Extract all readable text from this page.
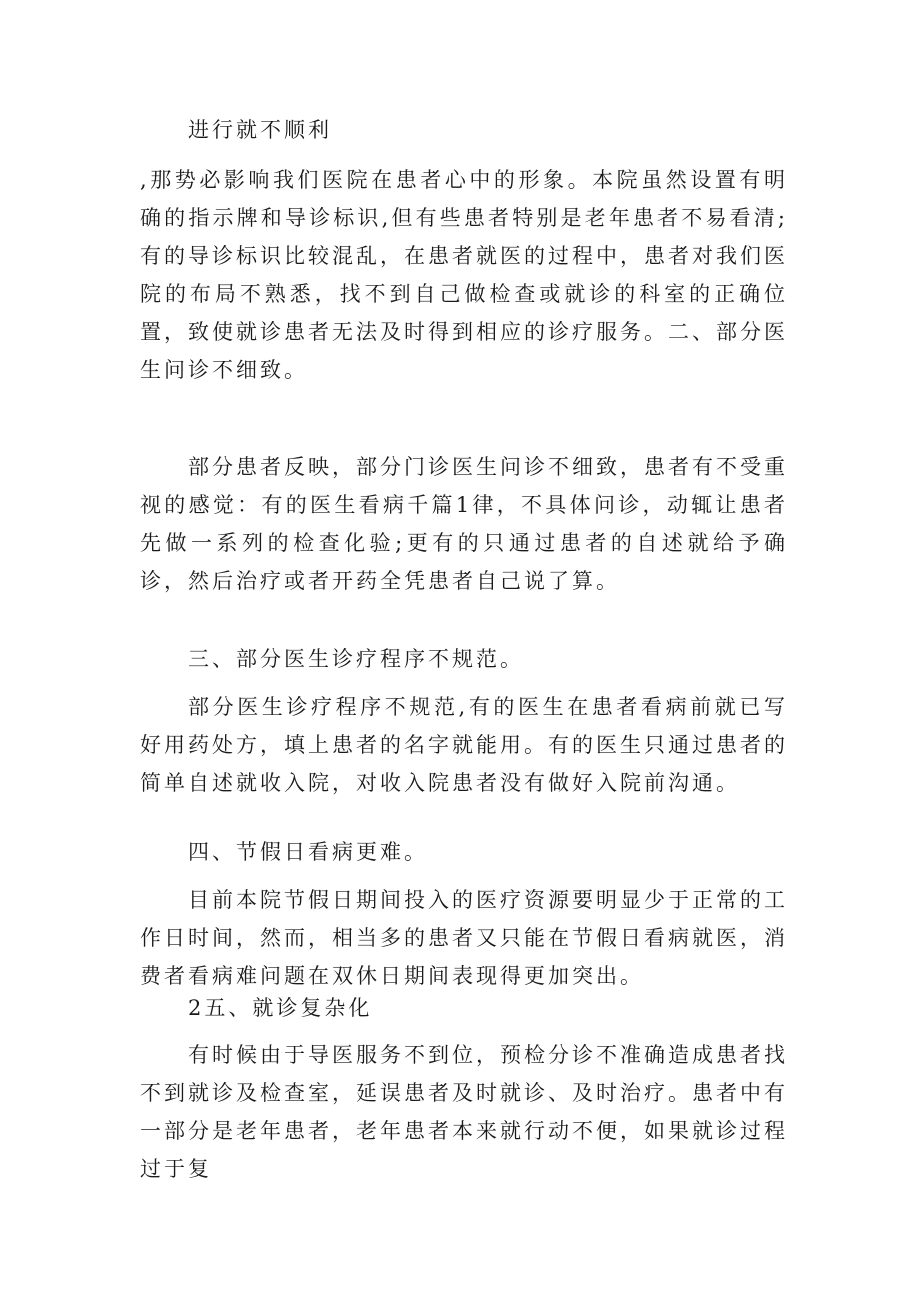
进行就不顺利

,那势必影响我们医院在患者心中的形象。本院虽然设置有明确的指示牌和导诊标识,但有些患者特别是老年患者不易看清;有的导诊标识比较混乱，在患者就医的过程中，患者对我们医院的布局不熟悉，找不到自己做检查或就诊的科室的正确位置，致使就诊患者无法及时得到相应的诊疗服务。二、部分医生问诊不细致。

部分患者反映，部分门诊医生问诊不细致，患者有不受重视的感觉：有的医生看病千篇1律，不具体问诊，动辄让患者先做一系列的检查化验;更有的只通过患者的自述就给予确诊，然后治疗或者开药全凭患者自己说了算。

三、部分医生诊疗程序不规范。

部分医生诊疗程序不规范,有的医生在患者看病前就已写好用药处方，填上患者的名字就能用。有的医生只通过患者的简单自述就收入院，对收入院患者没有做好入院前沟通。

四、节假日看病更难。

目前本院节假日期间投入的医疗资源要明显少于正常的工作日时间，然而，相当多的患者又只能在节假日看病就医，消费者看病难问题在双休日期间表现得更加突出。

2五、就诊复杂化

有时候由于导医服务不到位，预检分诊不准确造成患者找不到就诊及检查室，延误患者及时就诊、及时治疗。患者中有一部分是老年患者，老年患者本来就行动不便，如果就诊过程过于复
